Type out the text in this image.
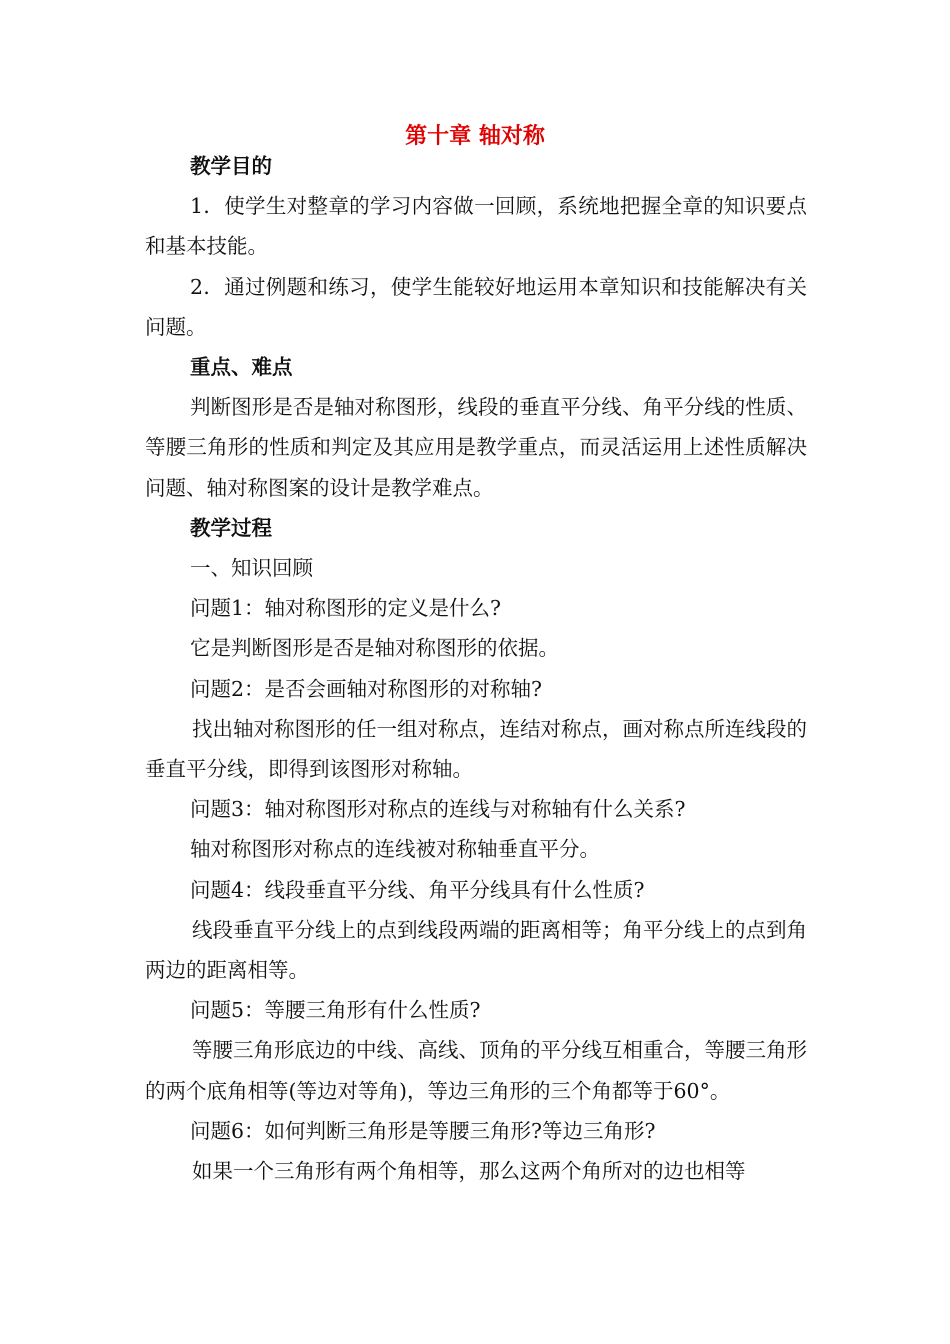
第十章 轴对称

教学目的

1．使学生对整章的学习内容做一回顾，系统地把握全章的知识要点和基本技能。

2．通过例题和练习，使学生能较好地运用本章知识和技能解决有关问题。

重点、难点

判断图形是否是轴对称图形，线段的垂直平分线、角平分线的性质、等腰三角形的性质和判定及其应用是教学重点，而灵活运用上述性质解决问题、轴对称图案的设计是教学难点。

教学过程

一、知识回顾

问题1：轴对称图形的定义是什么?

它是判断图形是否是轴对称图形的依据。

问题2：是否会画轴对称图形的对称轴?

找出轴对称图形的任一组对称点，连结对称点，画对称点所连线段的垂直平分线，即得到该图形对称轴。

问题3：轴对称图形对称点的连线与对称轴有什么关系?

轴对称图形对称点的连线被对称轴垂直平分。

问题4：线段垂直平分线、角平分线具有什么性质?

线段垂直平分线上的点到线段两端的距离相等；角平分线上的点到角两边的距离相等。

问题5：等腰三角形有什么性质?

等腰三角形底边的中线、高线、顶角的平分线互相重合，等腰三角形的两个底角相等(等边对等角)，等边三角形的三个角都等于60°。

问题6：如何判断三角形是等腰三角形?等边三角形?

如果一个三角形有两个角相等，那么这两个角所对的边也相等
